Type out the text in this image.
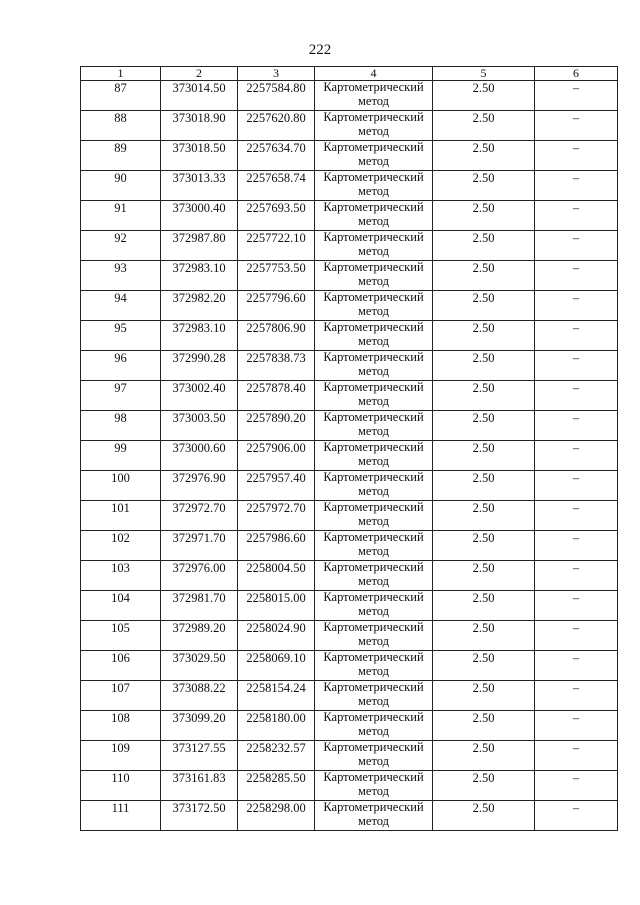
222
1	2	3	4	5	6
87	373014.50	2257584.80	Картометрический метод	2.50	–
88	373018.90	2257620.80	Картометрический метод	2.50	–
89	373018.50	2257634.70	Картометрический метод	2.50	–
90	373013.33	2257658.74	Картометрический метод	2.50	–
91	373000.40	2257693.50	Картометрический метод	2.50	–
92	372987.80	2257722.10	Картометрический метод	2.50	–
93	372983.10	2257753.50	Картометрический метод	2.50	–
94	372982.20	2257796.60	Картометрический метод	2.50	–
95	372983.10	2257806.90	Картометрический метод	2.50	–
96	372990.28	2257838.73	Картометрический метод	2.50	–
97	373002.40	2257878.40	Картометрический метод	2.50	–
98	373003.50	2257890.20	Картометрический метод	2.50	–
99	373000.60	2257906.00	Картометрический метод	2.50	–
100	372976.90	2257957.40	Картометрический метод	2.50	–
101	372972.70	2257972.70	Картометрический метод	2.50	–
102	372971.70	2257986.60	Картометрический метод	2.50	–
103	372976.00	2258004.50	Картометрический метод	2.50	–
104	372981.70	2258015.00	Картометрический метод	2.50	–
105	372989.20	2258024.90	Картометрический метод	2.50	–
106	373029.50	2258069.10	Картометрический метод	2.50	–
107	373088.22	2258154.24	Картометрический метод	2.50	–
108	373099.20	2258180.00	Картометрический метод	2.50	–
109	373127.55	2258232.57	Картометрический метод	2.50	–
110	373161.83	2258285.50	Картометрический метод	2.50	–
111	373172.50	2258298.00	Картометрический метод	2.50	–
